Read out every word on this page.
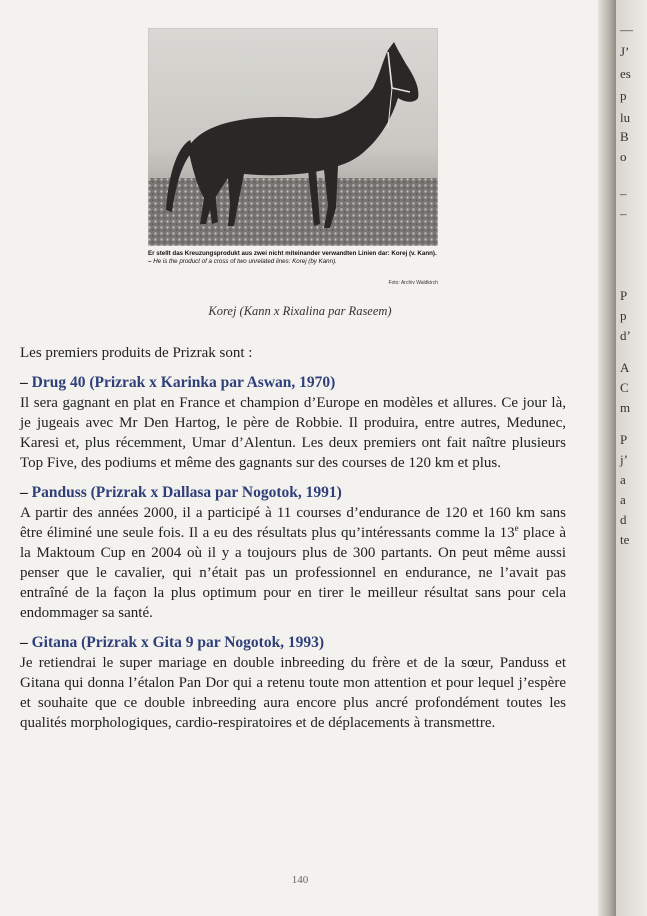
Er stellt das Kreuzungsprodukt aus zwei nicht miteinander verwandten Linien dar: Korej (v. Kann). – He is the product of a cross of two unrelated lines: Korej (by Kann).
Foto: Archiv Waldkirch
Korej (Kann x Rixalina par Raseem)

Les premiers produits de Prizrak sont :

– Drug 40 (Prizrak x Karinka par Aswan, 1970)

Il sera gagnant en plat en France et champion d’Europe en modèles et allures. Ce jour là, je jugeais avec Mr Den Hartog, le père de Robbie. Il produira, entre autres, Medunec, Karesi et, plus récemment, Umar d’Alentun. Les deux premiers ont fait naître plusieurs Top Five, des podiums et même des gagnants sur des courses de 120 km et plus.

– Panduss (Prizrak x Dallasa par Nogotok, 1991)

A partir des années 2000, il a participé à 11 courses d’endurance de 120 et 160 km sans être éliminé une seule fois. Il a eu des résultats plus qu’intéressants comme la 13e place à la Maktoum Cup en 2004 où il y a toujours plus de 300 partants. On peut même aussi penser que le cavalier, qui n’était pas un professionnel en endurance, ne l’avait pas entraîné de la façon la plus optimum pour en tirer le meilleur résultat sans pour cela endommager sa santé.

– Gitana (Prizrak x Gita 9 par Nogotok, 1993)

Je retiendrai le super mariage en double inbreeding du frère et de la sœur, Panduss et Gitana qui donna l’étalon Pan Dor qui a retenu toute mon attention et pour lequel j’espère et souhaite que ce double inbreeding aura encore plus ancré profondément toutes les qualités morphologiques, cardio-respiratoires et de déplacements à transmettre.

140
—
J’
es
p
lu
B
o
–
–
P
p
d’
A
C
m
P
j’
a
a
d
te
